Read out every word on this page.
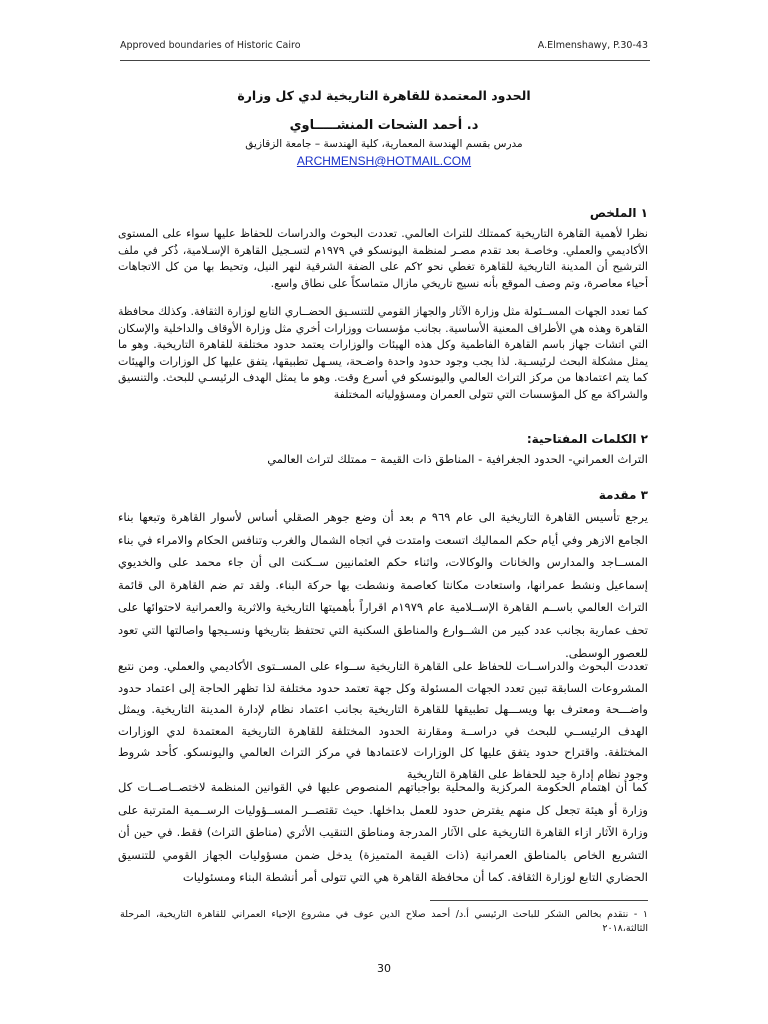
Approved boundaries of Historic Cairo	A.Elmenshawy, P.30-43
الحدود المعتمدة للقاهرة التاريخية لدي كل وزارة
د. أحمد الشحات المنشـــــاوي
مدرس بقسم الهندسة المعمارية، كلية الهندسة – جامعة الزقازيق
ARCHMENSH@HOTMAIL.COM
١ الملخص
نظرا لأهمية القاهرة التاريخية كممتلك للتراث العالمي. تعددت البحوث والدراسات للحفاظ عليها سواء على المستوى الأكاديمي والعملي. وخاصـة بعد تقدم مصـر لمنظمة اليونسكو في ١٩٧٩م لتسـجيل القاهرة الإسـلامية، ذُكر في ملف الترشيح أن المدينة التاريخية للقاهرة تغطي نحو ٢كم على الضفة الشرقية لنهر النيل، وتحيط بها من كل الاتجاهات أحياء معاصرة، وتم وصف الموقع بأنه نسيج تاريخي مازال متماسكاً على نطاق واسع.
كما تعدد الجهات المســئولة مثل وزارة الآثار والجهاز القومي للتنسـيق الحضــاري التابع لوزارة الثقافة. وكذلك محافظة القاهرة وهذه هي الأطراف المعنية الأساسية. بجانب مؤسسات ووزارات أخري مثل وزارة الأوقاف والداخلية والإسكان التي اتشات جهاز باسم القاهرة الفاطمية وكل هذه الهيئات والوزارات يعتمد حدود مختلفة للقاهرة التاريخية. وهو ما يمثل مشكلة البحث لرئيسـية. لذا يجب وجود حدود واحدة واضـحة، يسـهل تطبيقها، يتفق عليها كل الوزارات والهيئات كما يتم اعتمادها من مركز التراث العالمي واليونسكو في أسرع وقت. وهو ما يمثل الهدف الرئيسـي للبحث. والتنسيق والشراكة مع كل المؤسسات التي تتولى العمران ومسؤولياته المختلفة
٢ الكلمات المفتاحية:
التراث العمراني- الحدود الجغرافية - المناطق ذات القيمة – ممتلك لتراث العالمي
٣ مقدمة
يرجع تأسيس القاهرة التاريخية الى عام ٩٦٩ م بعد أن وضع جوهر الصقلي أساس لأسوار القاهرة وتبعها بناء الجامع الازهر وفي أيام حكم المماليك اتسعت وامتدت في اتجاه الشمال والغرب وتنافس الحكام والامراء في بناء المســاجد والمدارس والخانات والوكالات، واثناء حكم العثمانيين ســكنت الى أن جاء محمد على والخديوي إسماعيل ونشط عمرانها، واستعادت مكانتا كعاصمة ونشطت بها حركة البناء. ولقد تم ضم القاهرة الى قائمة التراث العالمي باســم القاهرة الإســلامية عام ١٩٧٩م اقراراً بأهميتها التاريخية والاثرية والعمرانية لاحتوائها على تحف عمارية بجانب عدد كبير من الشــوارع والمناطق السكنية التي تحتفظ بتاريخها ونسـيجها واصالتها التي تعود للعصور الوسطى.
تعددت البحوث والدراســات للحفاظ على القاهرة التاريخية ســواء على المســتوى الأكاديمي والعملي. ومن نتبع المشروعات السابقة تبين تعدد الجهات المسئولة وكل جهة تعتمد حدود مختلفة لذا تظهر الحاجة إلى اعتماد حدود واضـــحة ومعترف بها ويســـهل تطبيقها للقاهرة التاريخية بجانب اعتماد نظام لإدارة المدينة التاريخية. ويمثل الهدف الرئيســي للبحث في دراســة ومقارنة الحدود المختلفة للقاهرة التاريخية المعتمدة لدي الوزارات المختلفة. واقتراح حدود يتفق عليها كل الوزارات لاعتمادها في مركز التراث العالمي واليونسكو. كأحد شروط وجود نظام إدارة جيد للحفاظ على القاهرة التاريخية
كما أن اهتمام الحكومة المركزية والمحلية بواجباتهم المنصوص عليها في القوانين المنظمة لاختصــاصــات كل وزارة أو هيئة تجعل كل منهم يفترض حدود للعمل بداخلها. حيث تقتصــر المســؤوليات الرســمية المترتبة على وزارة الآثار ازاء القاهرة التاريخية على الآثار المدرجة ومناطق التنقيب الأثري (مناطق التراث) فقط. في حين أن التشريع الخاص بالمناطق العمرانية (ذات القيمة المتميزة) يدخل ضمن مسؤوليات الجهاز القومي للتنسيق الحضاري التابع لوزارة الثقافة. كما أن محافظة القاهرة هي التي تتولى أمر أنشطة البناء ومسئوليات
١ - نتقدم بخالص الشكر للباحث الرئيسي أ.د/ أحمد صلاح الدين عوف في مشروع الإحياء العمراني للقاهرة التاريخية، المرحلة الثالثة،٢٠١٨
30
